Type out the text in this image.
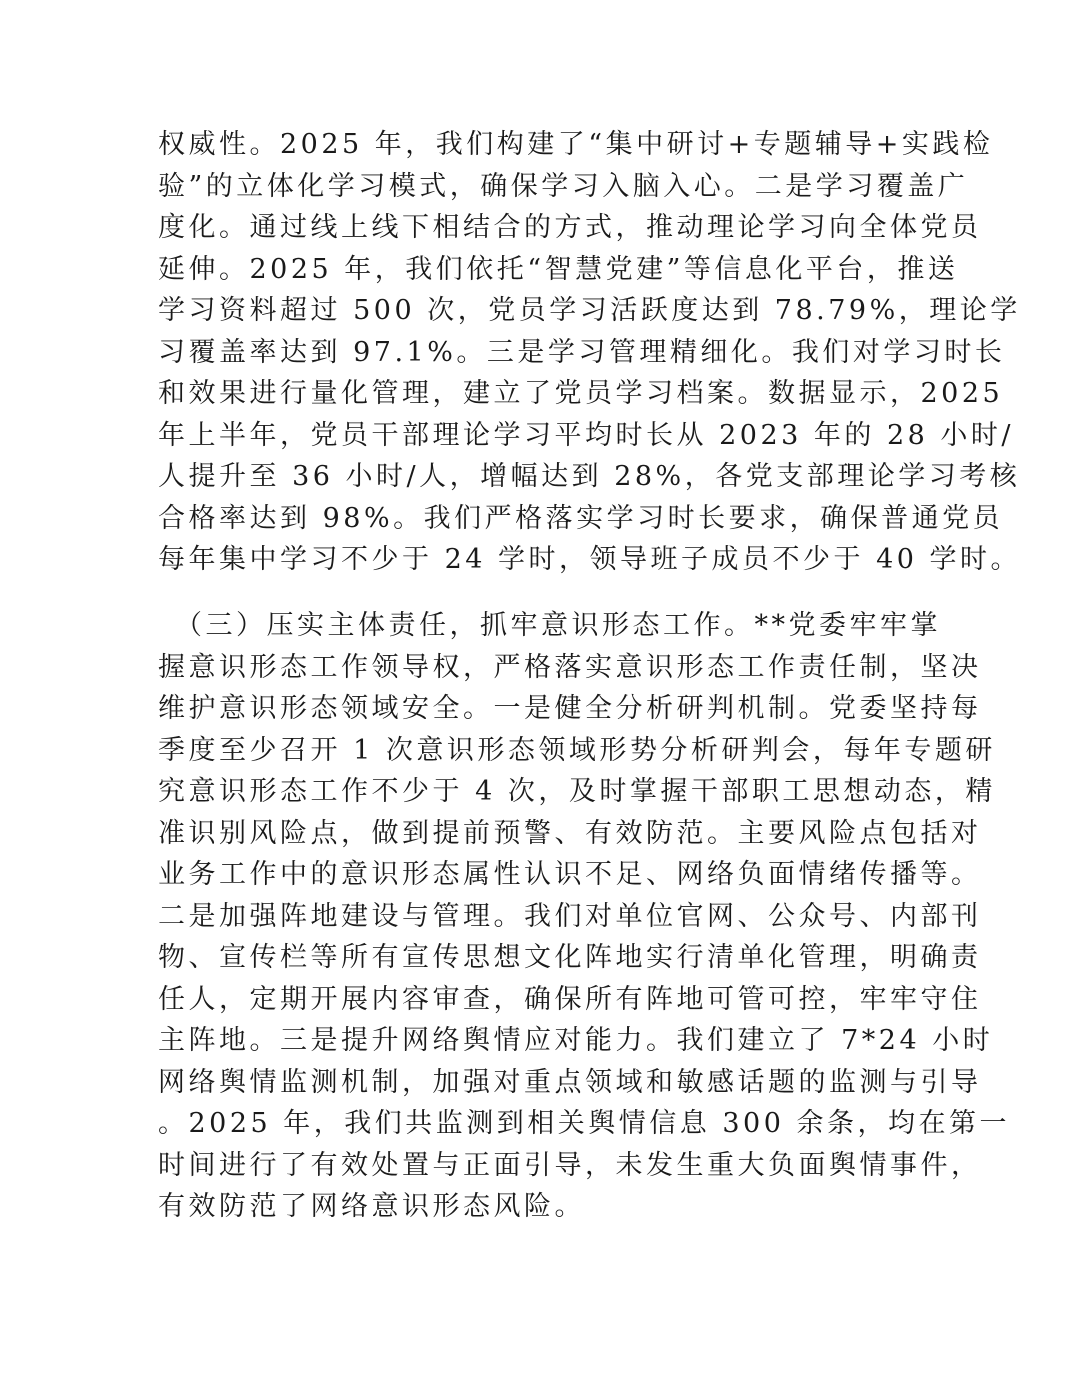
权威性。2025 年，我们构建了“集中研讨+专题辅导+实践检
验”的立体化学习模式，确保学习入脑入心。二是学习覆盖广
度化。通过线上线下相结合的方式，推动理论学习向全体党员
延伸。2025 年，我们依托“智慧党建”等信息化平台，推送
学习资料超过 500 次，党员学习活跃度达到 78.79%，理论学
习覆盖率达到 97.1%。三是学习管理精细化。我们对学习时长
和效果进行量化管理，建立了党员学习档案。数据显示，2025
年上半年，党员干部理论学习平均时长从 2023 年的 28 小时/
人提升至 36 小时/人，增幅达到 28%，各党支部理论学习考核
合格率达到 98%。我们严格落实学习时长要求，确保普通党员
每年集中学习不少于 24 学时，领导班子成员不少于 40 学时。
　（三）压实主体责任，抓牢意识形态工作。**党委牢牢掌
握意识形态工作领导权，严格落实意识形态工作责任制，坚决
维护意识形态领域安全。一是健全分析研判机制。党委坚持每
季度至少召开 1 次意识形态领域形势分析研判会，每年专题研
究意识形态工作不少于 4 次，及时掌握干部职工思想动态，精
准识别风险点，做到提前预警、有效防范。主要风险点包括对
业务工作中的意识形态属性认识不足、网络负面情绪传播等。
二是加强阵地建设与管理。我们对单位官网、公众号、内部刊
物、宣传栏等所有宣传思想文化阵地实行清单化管理，明确责
任人，定期开展内容审查，确保所有阵地可管可控，牢牢守住
主阵地。三是提升网络舆情应对能力。我们建立了 7*24 小时
网络舆情监测机制，加强对重点领域和敏感话题的监测与引导
。2025 年，我们共监测到相关舆情信息 300 余条，均在第一
时间进行了有效处置与正面引导，未发生重大负面舆情事件，
有效防范了网络意识形态风险。
